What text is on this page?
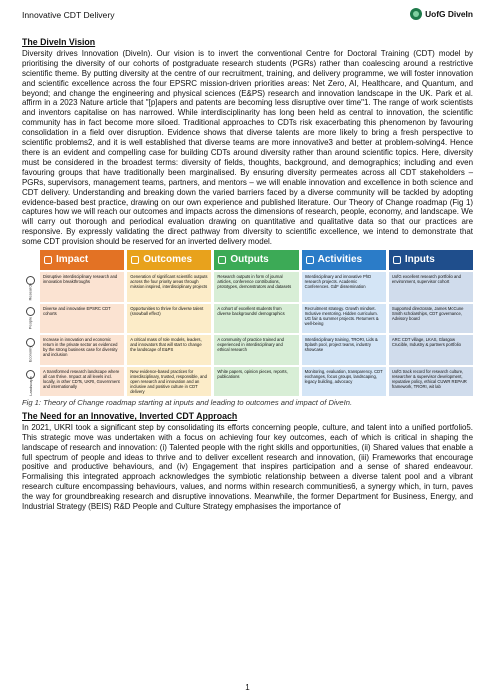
Innovative CDT Delivery	UofG DiveIn
The DiveIn Vision

Diversity drives Innovation (DiveIn). Our vision is to invert the conventional Centre for Doctoral Training (CDT) model by prioritising the diversity of our cohorts of postgraduate research students (PGRs) rather than coalescing around a restrictive scientific theme. By putting diversity at the centre of our recruitment, training, and delivery programme, we will foster innovation and scientific excellence across the four EPSRC mission-driven priorities areas: Net Zero, AI, Healthcare, and Quantum, and beyond; and change the engineering and physical sciences (E&PS) research and innovation landscape in the UK. Park et al. affirm in a 2023 Nature article that "[p]apers and patents are becoming less disruptive over time"1. The range of work scientists and inventors capitalise on has narrowed. While interdisciplinarity has long been held as central to innovation, the scientific community has in fact become more siloed. Traditional approaches to CDTs risk exacerbating this phenomenon by favouring consolidation in a field over disruption. Evidence shows that diverse talents are more likely to bring a fresh perspective to scientific problems2, and it is well established that diverse teams are more innovative3 and better at problem-solving4. Hence there is an evident and compelling case for building CDTs around diversity rather than around scientific topics. Here, diversity must be considered in the broadest terms: diversity of fields, thoughts, background, and demographics; including and even favouring groups that have traditionally been marginalised. By ensuring diversity permeates across all CDT stakeholders – PGRs, supervisors, management teams, partners, and mentors – we will enable innovation and excellence in both science and CDT delivery. Understanding and breaking down the varied barriers faced by a diverse community will be tackled by adopting evidence-based best practice, drawing on our own experience and published literature. Our Theory of Change roadmap (Fig 1) captures how we will reach our outcomes and impacts across the dimensions of research, people, economy, and landscape. We will carry out thorough and periodical evaluation drawing on quantitative and qualitative data so that our practices are responsive. By expressly validating the direct pathway from diversity to scientific excellence, we intend to demonstrate that some CDT provision should be reserved for an inverted delivery model.

Research
People
Economy
Landscape
Impact
Disruptive interdisciplinary research and innovation breakthroughs
Diverse and innovative EPSRC CDT cohorts
Increase in innovation and economic return in the private sector as evidenced by the strong business case for diversity and inclusion
A transformed research landscape where all can thrive. Impact at all levels incl. locally, in other CDTs, UKRI, Government and internationally
Outcomes
Generation of significant scientific outputs across the four priority areas through mission inspired, interdisciplinary projects
Opportunities to thrive for diverse talent (snowball effect)
A critical mass of role models, leaders, and innovators that will start to change the landscape of E&PS
New evidence-based practices for interdisciplinary, trusted, responsible, and open research and innovation and an inclusive and positive culture in CDT delivery
Outputs
Research outputs in form of journal articles, conference contributions, prototypes, demonstrators and datasets
A cohort of excellent students from diverse backgrounds/ demographics
A community of practice trained and experienced in interdisciplinary and ethical research
White papers, opinion pieces, reports, publications
Activities
Interdisciplinary and innovative PhD research projects. Academic Conferences. GdF dissemination
Recruitment strategy. Growth mindset. Inclusive mentoring. Hidden curriculum. UG fair & summer projects. Returners & well-being
Interdisciplinary training, TRORI, Lids & Splash pool, project teams, industry showcase
Monitoring, evaluation, transparency. CDT exchanges, focus groups, landscaping, legacy building, advocacy
Inputs
UofG excellent research portfolio and environment, supervisor cohort
Supported directorate, James McCune Smith scholarships, CDT governance, Advisory board
ARC CDT village, LKAS, Glasgow Crucible, Industry & partners portfolio
UofG track record for research culture, researcher & supervisor development, reputative policy, ethical CUWR REPAIR framework, TRORI, wit lab
Fig 1: Theory of Change roadmap starting at inputs and leading to outcomes and impact of DiveIn.
The Need for an Innovative, Inverted CDT Approach

In 2021, UKRI took a significant step by consolidating its efforts concerning people, culture, and talent into a unified portfolio5. This strategic move was undertaken with a focus on achieving four key outcomes, each of which is critical in shaping the landscape of research and innovation: (i) Talented people with the right skills and opportunities, (ii) Shared values that enable a full spectrum of people and ideas to thrive and to deliver excellent research and innovation, (iii) Frameworks that encourage positive and productive behaviours, and (iv) Engagement that inspires participation and a sense of shared endeavour. Formalising this integrated approach acknowledges the symbiotic relationship between a diverse talent pool and a vibrant research culture encompassing behaviours, values, and norms within research communities6, a synergy which, in turn, paves the way for groundbreaking research and disruptive innovations. Meanwhile, the former Department for Business, Energy, and Industrial Strategy (BEIS) R&D People and Culture Strategy emphasises the importance of

1
